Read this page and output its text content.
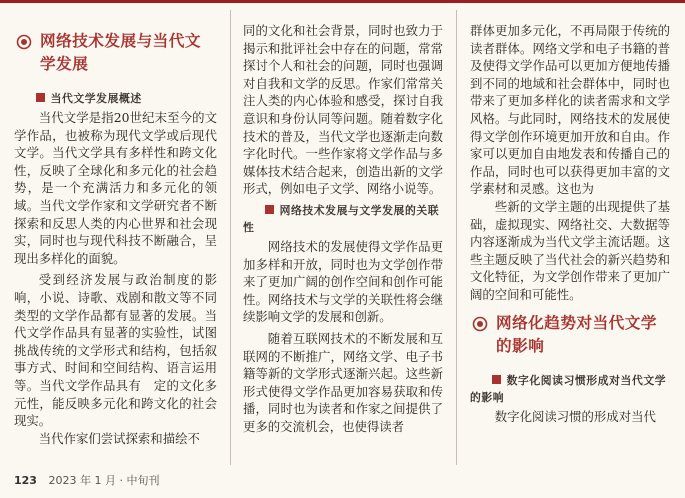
网络技术发展与当代文学发展
当代文学发展概述

当代文学是指20世纪末至今的文学作品，也被称为现代文学或后现代文学。当代文学具有多样性和跨文化性，反映了全球化和多元化的社会趋势，是一个充满活力和多元化的领域。当代文学作家和文学研究者不断探索和反思人类的内心世界和社会现实，同时也与现代科技不断融合，呈现出多样化的面貌。

受到经济发展与政治制度的影响，小说、诗歌、戏剧和散文等不同类型的文学作品都有显著的发展。当代文学作品具有显著的实验性，试图挑战传统的文学形式和结构，包括叙事方式、时间和空间结构、语言运用等。当代文学作品具有　定的文化多元性，能反映多元化和跨文化的社会现实。

当代作家们尝试探索和描绘不

同的文化和社会背景，同时也致力于揭示和批评社会中存在的问题，常常探讨个人和社会的问题，同时也强调对自我和文学的反思。作家们常常关注人类的内心体验和感受，探讨自我意识和身份认同等问题。随着数字化技术的普及，当代文学也逐渐走向数字化时代。一些作家将文学作品与多媒体技术结合起来，创造出新的文学形式，例如电子文学、网络小说等。

网络技术发展与文学发展的关联性

网络技术的发展使得文学作品更加多样和开放，同时也为文学创作带来了更加广阔的创作空间和创作可能性。网络技术与文学的关联性将会继续影响文学的发展和创新。

随着互联网技术的不断发展和互联网的不断推广，网络文学、电子书籍等新的文学形式逐渐兴起。这些新形式使得文学作品更加容易获取和传播，同时也为读者和作家之间提供了更多的交流机会，也使得读者

群体更加多元化，不再局限于传统的读者群体。网络文学和电子书籍的普及使得文学作品可以更加方便地传播到不同的地域和社会群体中，同时也带来了更加多样化的读者需求和文学风格。与此同时，网络技术的发展使得文学创作环境更加开放和自由。作家可以更加自由地发表和传播自己的作品，同时也可以获得更加丰富的文学素材和灵感。这也为

些新的文学主题的出现提供了基础，虚拟现实、网络社交、大数据等内容逐渐成为当代文学主流话题。这些主题反映了当代社会的新兴趋势和文化特征，为文学创作带来了更加广阔的空间和可能性。

网络化趋势对当代文学的影响
数字化阅读习惯形成对当代文学的影响

数字化阅读习惯的形成对当代

123 2023 年 1 月 · 中旬刊
